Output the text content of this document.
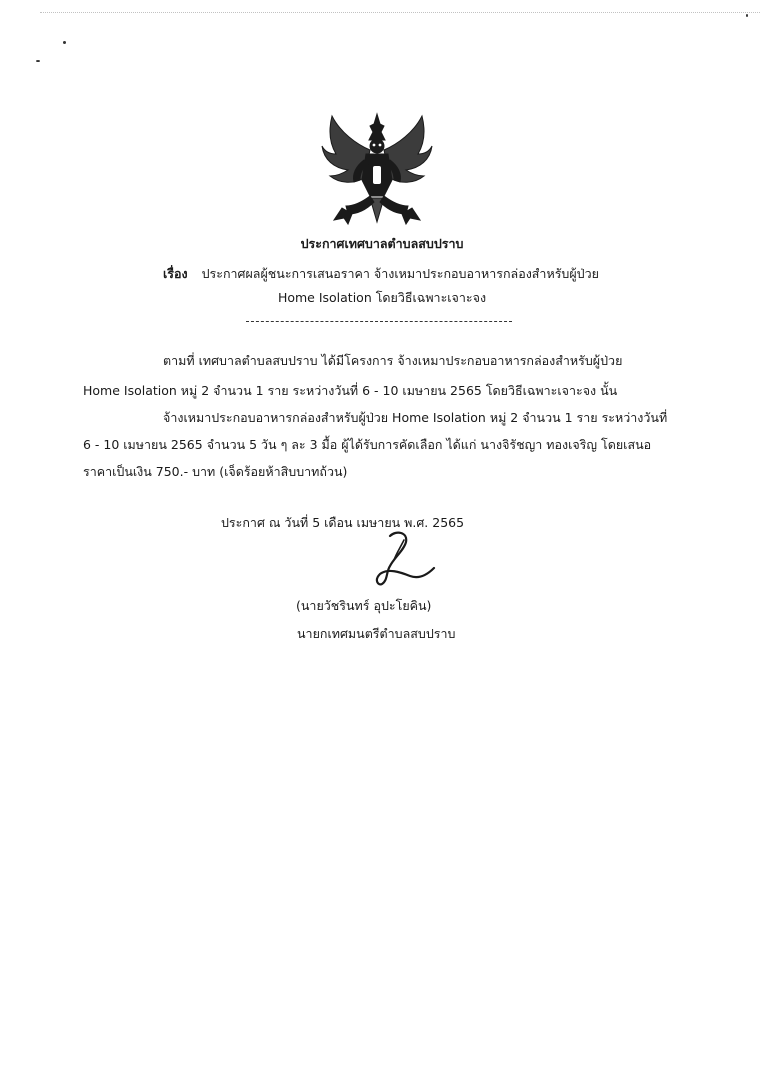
ประกาศเทศบาลตำบลสบปราบ
เรื่อง ประกาศผลผู้ชนะการเสนอราคา จ้างเหมาประกอบอาหารกล่องสำหรับผู้ป่วย
Home Isolation โดยวิธีเฉพาะเจาะจง
ตามที่ เทศบาลตำบลสบปราบ ได้มีโครงการ จ้างเหมาประกอบอาหารกล่องสำหรับผู้ป่วย
Home Isolation หมู่ 2 จำนวน 1 ราย ระหว่างวันที่ 6 - 10 เมษายน 2565 โดยวิธีเฉพาะเจาะจง นั้น
จ้างเหมาประกอบอาหารกล่องสำหรับผู้ป่วย Home Isolation หมู่ 2 จำนวน 1 ราย ระหว่างวันที่
6 - 10 เมษายน 2565 จำนวน 5 วัน ๆ ละ 3 มื้อ ผู้ได้รับการคัดเลือก ได้แก่ นางจิรัชญา ทองเจริญ โดยเสนอ
ราคาเป็นเงิน 750.- บาท (เจ็ดร้อยห้าสิบบาทถ้วน)
ประกาศ ณ วันที่ 5 เดือน เมษายน พ.ศ. 2565
(นายวัชรินทร์ อุปะโยคิน)
นายกเทศมนตรีตำบลสบปราบ
